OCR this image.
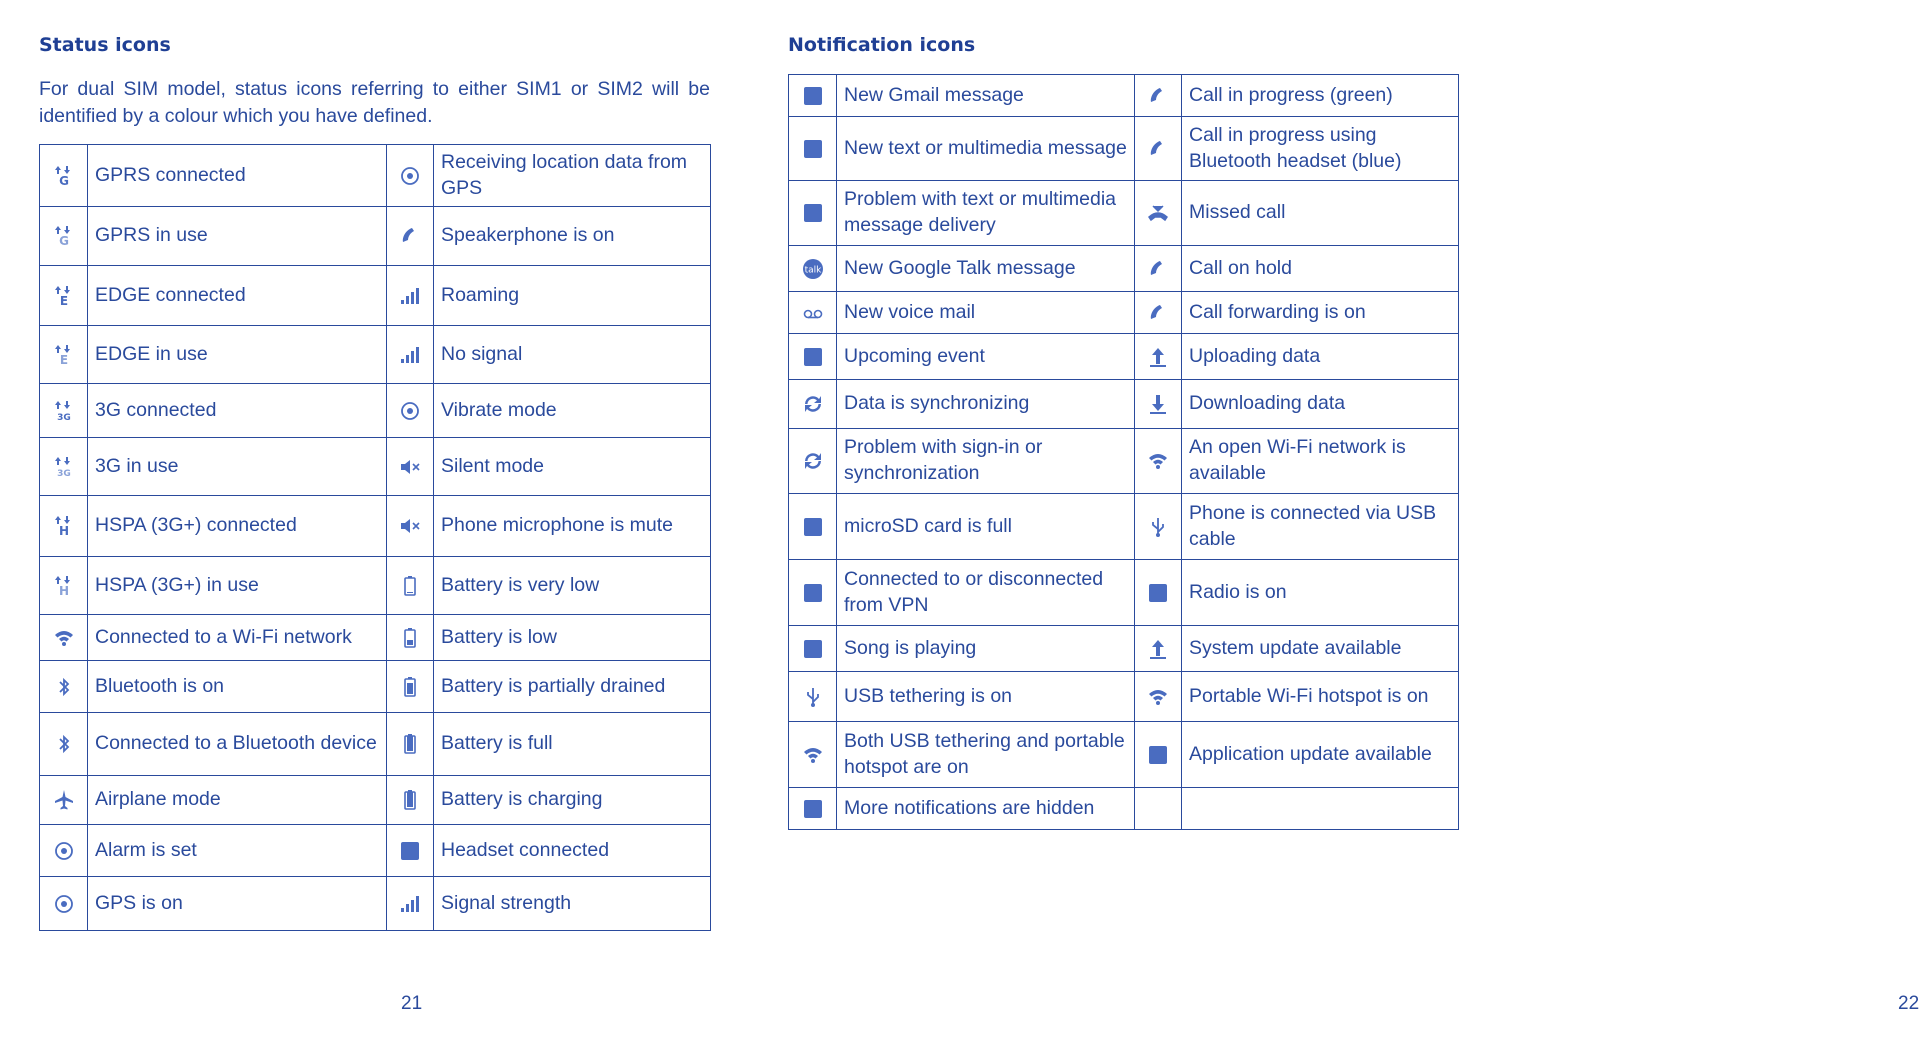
Status icons
For dual SIM model, status icons referring to either SIM1 or SIM2 will be identified by a colour which you have defined.
G	GPRS connected		Receiving location data from GPS

G	GPRS in use		Speakerphone is on

E	EDGE connected		Roaming

E	EDGE in use		No signal

3G	3G connected		Vibrate mode

3G	3G in use		Silent mode

H	HSPA (3G+) connected		Phone microphone is mute

H	HSPA (3G+) in use		Battery is very low

	Connected to a Wi-Fi network		Battery is low

	Bluetooth is on		Battery is partially drained

	Connected to a Bluetooth device		Battery is full

	Airplane mode		Battery is charging

	Alarm is set		Headset connected

	GPS is on		Signal strength
21
Notification icons
	New Gmail message		Call in progress (green)

	New text or multimedia message		Call in progress using Bluetooth headset (blue)

	Problem with text or multimedia message delivery		Missed call

talk	New Google Talk message		Call on hold

	New voice mail		Call forwarding is on

	Upcoming event		Uploading data

	Data is synchronizing		Downloading data

	Problem with sign-in or synchronization		An open Wi-Fi network is available

	microSD card is full		Phone is connected via USB cable

	Connected to or disconnected from VPN		Radio is on

	Song is playing		System update available

	USB tethering is on		Portable Wi-Fi hotspot is on

	Both USB tethering and portable hotspot are on		Application update available

	More notifications are hidden		
22
